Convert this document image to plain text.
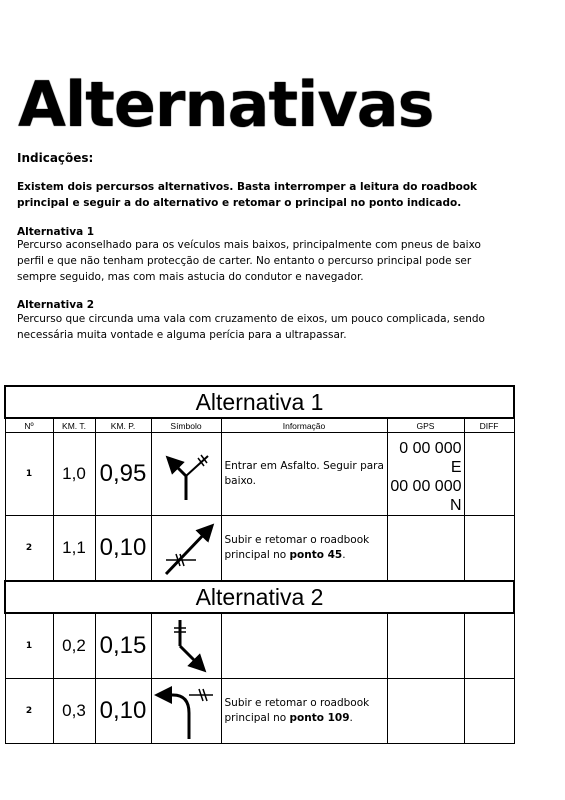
Alternativas
Indicações:
Existem dois percursos alternativos. Basta interromper a leitura do roadbook principal e seguir a do alternativo e retomar o principal no ponto indicado.
Alternativa 1
Percurso aconselhado para os veículos mais baixos, principalmente com pneus de baixo perfil e que não tenham protecção de carter. No entanto o percurso principal pode ser sempre seguido, mas com mais astucia do condutor e navegador.
Alternativa 2
Percurso que circunda uma vala com cruzamento de eixos, um pouco complicada, sendo necessária muita vontade e alguma perícia para a ultrapassar.
Alternativa 1						
Nº	KM. T.	KM. P.	Símbolo	Informação	GPS	DIFF
1	1,0	0,95		Entrar em Asfalto. Seguir para baixo.	0 00 000 E
00 00 000 N	

2	1,1	0,10		Subir e retomar o roadbook principal no ponto 45.		
Alternativa 2						
1	0,2	0,15	

2	0,3	0,10		Subir e retomar o roadbook principal no ponto 109.		
